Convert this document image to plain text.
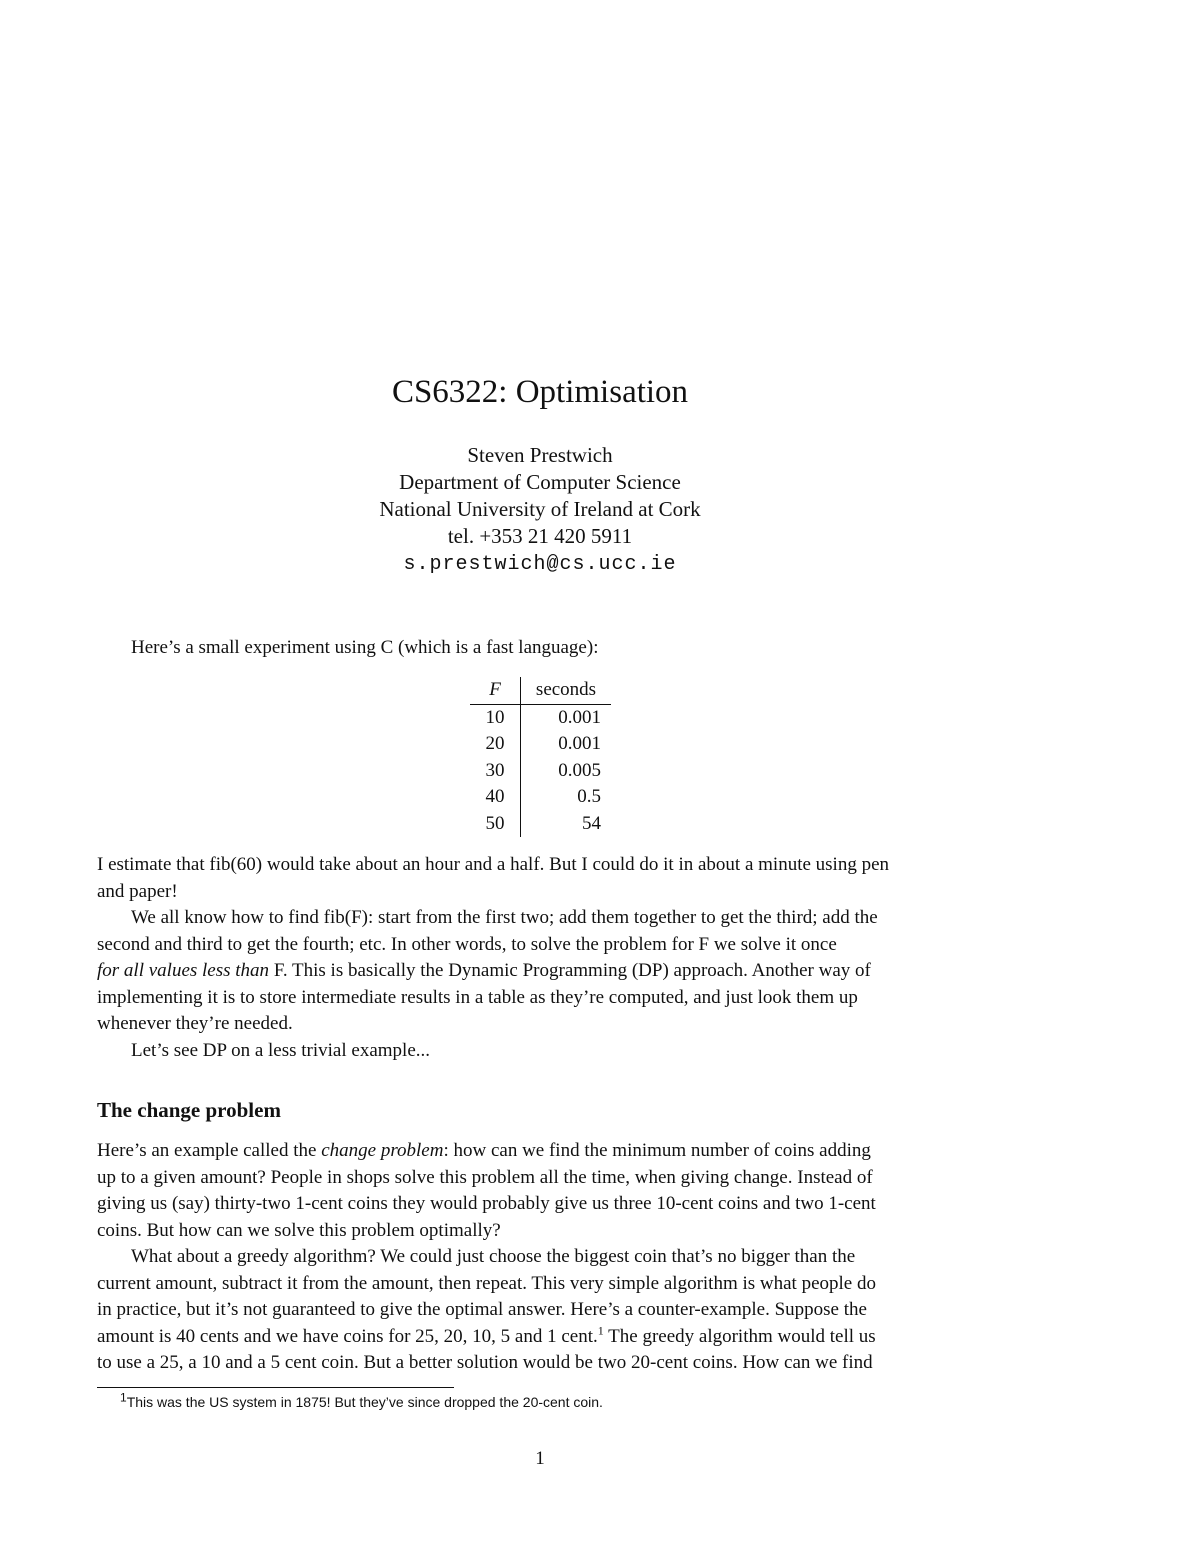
CS6322: Optimisation
Steven Prestwich
Department of Computer Science
National University of Ireland at Cork
tel. +353 21 420 5911
s.prestwich@cs.ucc.ie
Here’s a small experiment using C (which is a fast language):
F	seconds
10	0.001
20	0.001
30	0.005
40	0.5
50	54
I estimate that fib(60) would take about an hour and a half. But I could do it in about a minute using pen
and paper!
We all know how to find fib(F): start from the first two; add them together to get the third; add the
second and third to get the fourth; etc. In other words, to solve the problem for F we solve it once
for all values less than F. This is basically the Dynamic Programming (DP) approach. Another way of
implementing it is to store intermediate results in a table as they’re computed, and just look them up
whenever they’re needed.
Let’s see DP on a less trivial example...
The change problem
Here’s an example called the change problem: how can we find the minimum number of coins adding
up to a given amount? People in shops solve this problem all the time, when giving change. Instead of
giving us (say) thirty-two 1-cent coins they would probably give us three 10-cent coins and two 1-cent
coins. But how can we solve this problem optimally?
What about a greedy algorithm? We could just choose the biggest coin that’s no bigger than the
current amount, subtract it from the amount, then repeat. This very simple algorithm is what people do
in practice, but it’s not guaranteed to give the optimal answer. Here’s a counter-example. Suppose the
amount is 40 cents and we have coins for 25, 20, 10, 5 and 1 cent.$^1$ The greedy algorithm would tell us
to use a 25, a 10 and a 5 cent coin. But a better solution would be two 20-cent coins. How can we find
$^1$This was the US system in 1875! But they’ve since dropped the 20-cent coin.
1
